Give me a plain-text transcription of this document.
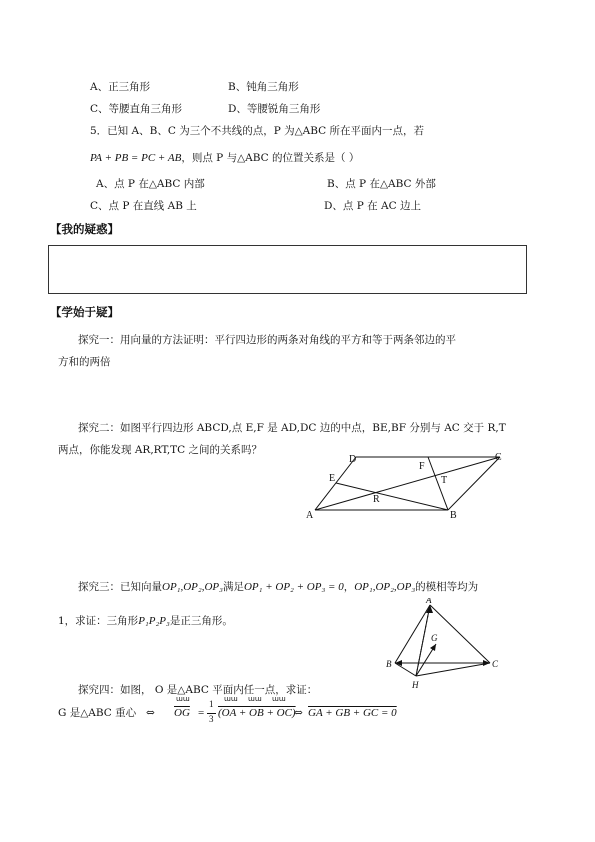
A、正三角形	B、钝角三角形
C、等腰直角三角形	D、等腰锐角三角形
5．已知 A、B、C 为三个不共线的点，P 为△ABC 所在平面内一点，若
PA + PB = PC + AB，则点 P 与△ABC 的位置关系是（ ）
A、点 P 在△ABC 内部	B、点 P 在△ABC 外部
C、点 P 在直线 AB 上	D、点 P 在 AC 边上
【我的疑惑】
【学始于疑】
探究一：用向量的方法证明：平行四边形的两条对角线的平方和等于两条邻边的平
方和的两倍
探究二：如图平行四边形 ABCD,点 E,F 是 AD,DC 边的中点，BE,BF 分别与 AC 交于 R,T
两点，你能发现 AR,RT,TC 之间的关系吗？
A	B
C
D
E
F
R
T
探究三：已知向量OP₁,OP₂,OP₃满足OP₁ + OP₂ + OP₃ = 0，OP₁,OP₂,OP₃的模相等均为
1，求证：三角形P₁P₂P₃是正三角形。
A
B	C
G
H
探究四：如图， O 是△ABC 平面内任一点，求证：
G 是△ABC 重心 ⇔ $\overline{OG}$ =
1
3 (OA + OB + OC)
⇔ GA + GB + GC = 0
ɯɯ	ɯɯ ɯɯ ɯɯ
